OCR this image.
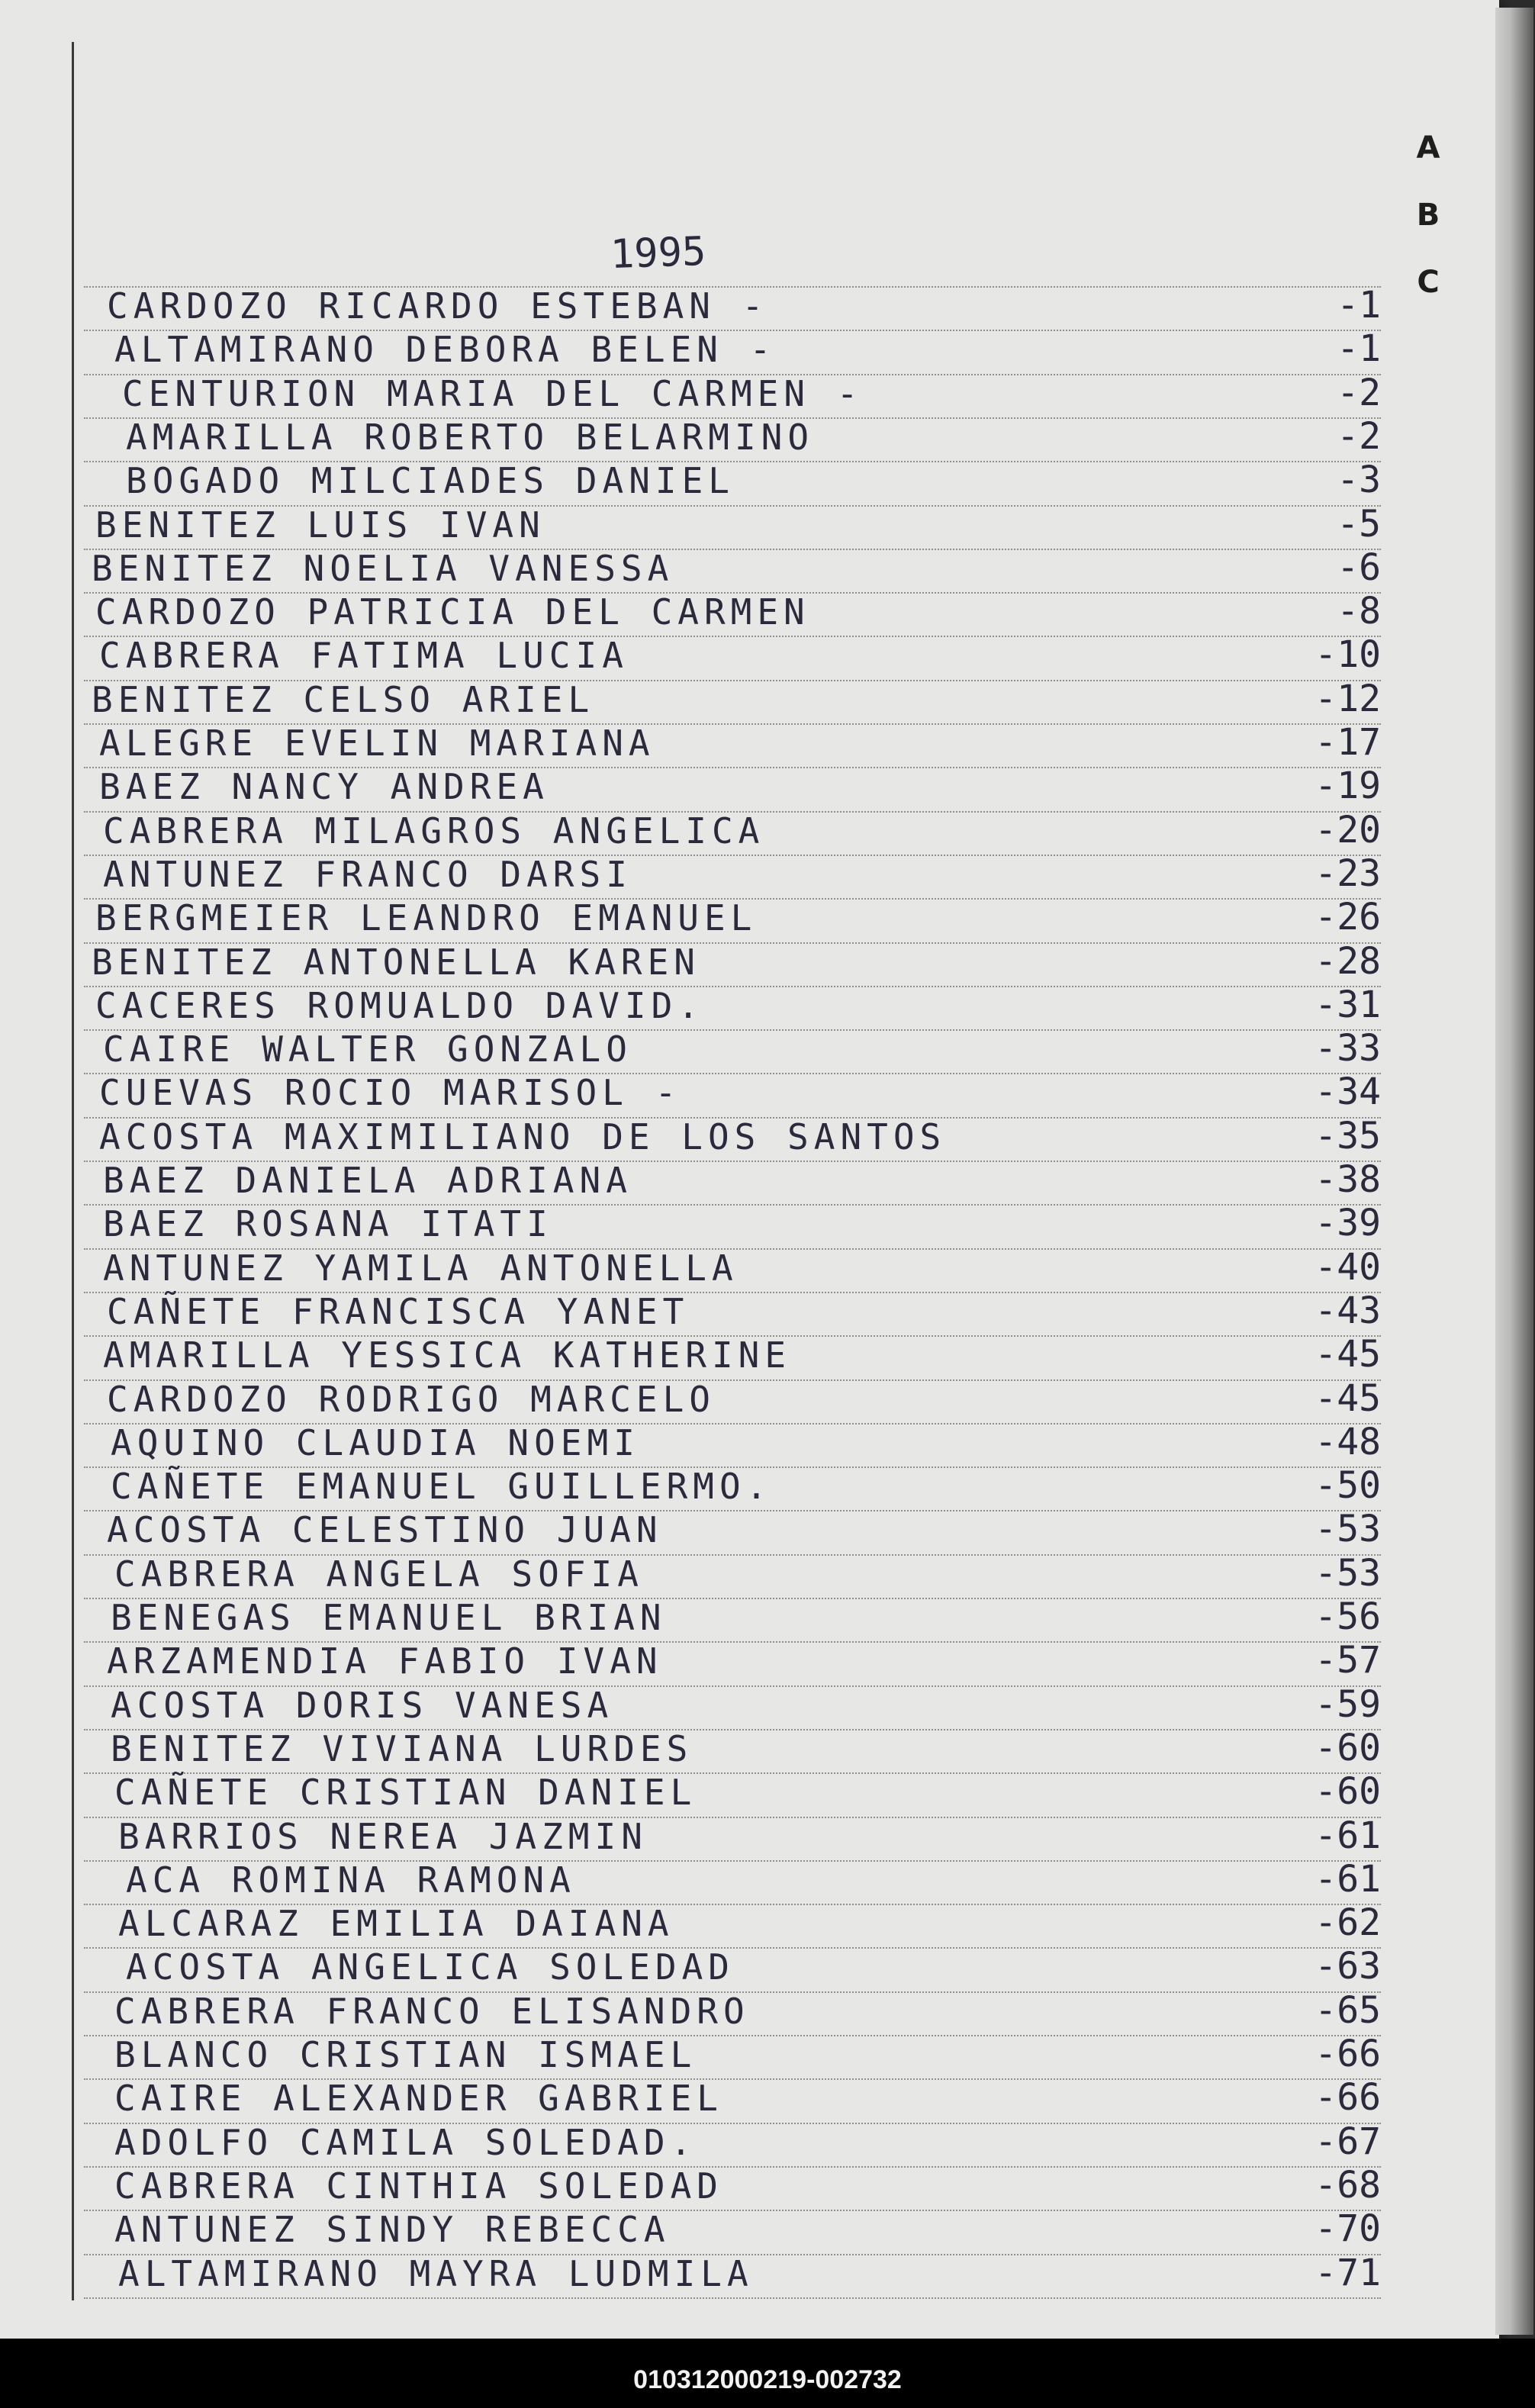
A
B
C
1995
CARDOZO RICARDO ESTEBAN -	-1
ALTAMIRANO DEBORA BELEN -	-1
CENTURION MARIA DEL CARMEN -	-2
AMARILLA ROBERTO BELARMINO	-2
BOGADO MILCIADES DANIEL	-3
BENITEZ LUIS IVAN	-5
BENITEZ NOELIA VANESSA	-6
CARDOZO PATRICIA DEL CARMEN	-8
CABRERA FATIMA LUCIA	-10
BENITEZ CELSO ARIEL	-12
ALEGRE EVELIN MARIANA	-17
BAEZ NANCY ANDREA	-19
CABRERA MILAGROS ANGELICA	-20
ANTUNEZ FRANCO DARSI	-23
BERGMEIER LEANDRO EMANUEL	-26
BENITEZ ANTONELLA KAREN	-28
CACERES ROMUALDO DAVID.	-31
CAIRE WALTER GONZALO	-33
CUEVAS ROCIO MARISOL -	-34
ACOSTA MAXIMILIANO DE LOS SANTOS	-35
BAEZ DANIELA ADRIANA	-38
BAEZ ROSANA ITATI	-39
ANTUNEZ YAMILA ANTONELLA	-40
CAÑETE FRANCISCA YANET	-43
AMARILLA YESSICA KATHERINE	-45
CARDOZO RODRIGO MARCELO	-45
AQUINO CLAUDIA NOEMI	-48
CAÑETE EMANUEL GUILLERMO.	-50
ACOSTA CELESTINO JUAN	-53
CABRERA ANGELA SOFIA	-53
BENEGAS EMANUEL BRIAN	-56
ARZAMENDIA FABIO IVAN	-57
ACOSTA DORIS VANESA	-59
BENITEZ VIVIANA LURDES	-60
CAÑETE CRISTIAN DANIEL	-60
BARRIOS NEREA JAZMIN	-61
ACA ROMINA RAMONA	-61
ALCARAZ EMILIA DAIANA	-62
ACOSTA ANGELICA SOLEDAD	-63
CABRERA FRANCO ELISANDRO	-65
BLANCO CRISTIAN ISMAEL	-66
CAIRE ALEXANDER GABRIEL	-66
ADOLFO CAMILA SOLEDAD.	-67
CABRERA CINTHIA SOLEDAD	-68
ANTUNEZ SINDY REBECCA	-70
ALTAMIRANO MAYRA LUDMILA	-71
010312000219-002732
